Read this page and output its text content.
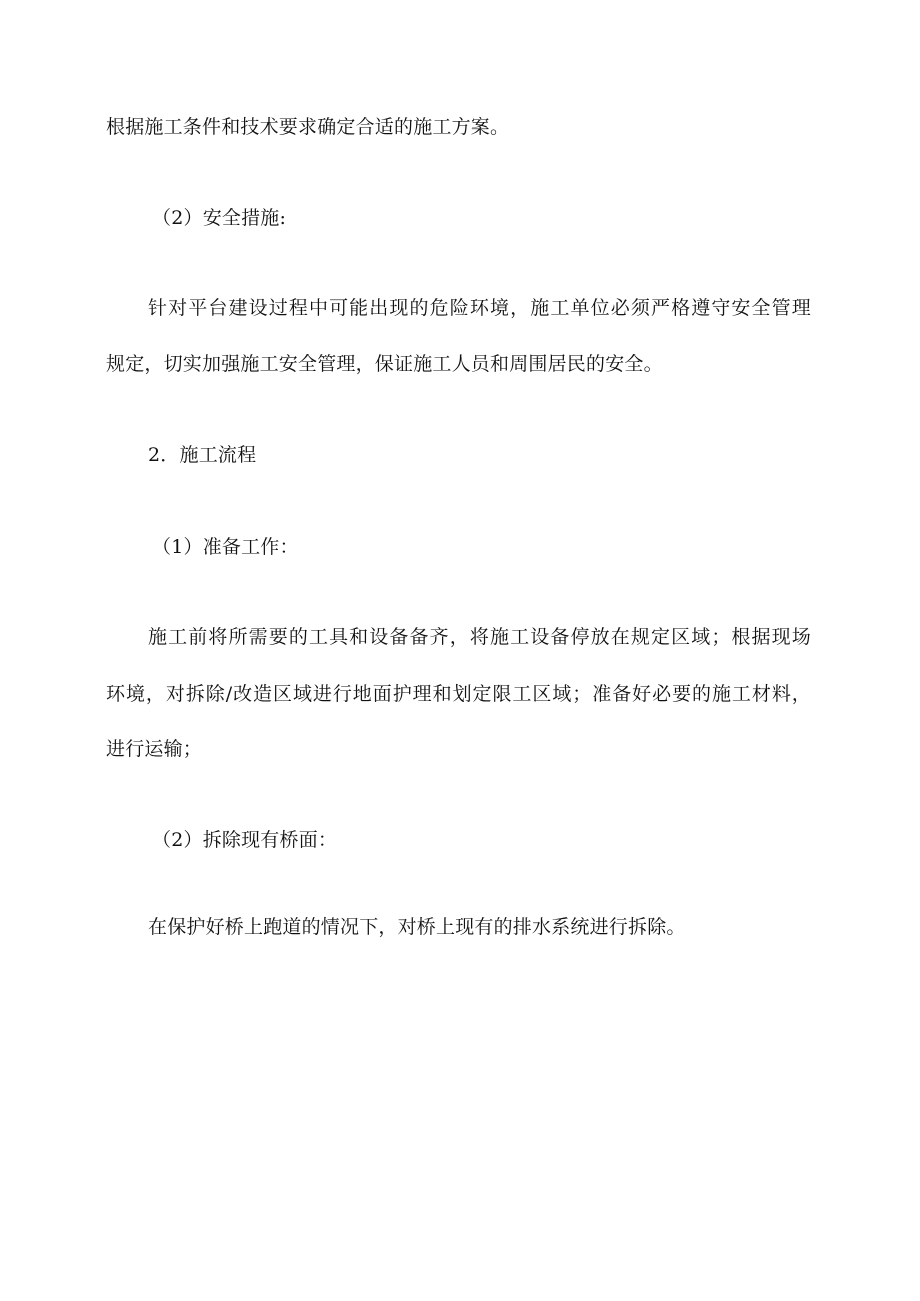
根据施工条件和技术要求确定合适的施工方案。
（2）安全措施:
针对平台建设过程中可能出现的危险环境，施工单位必须严格遵守安全管理
规定，切实加强施工安全管理，保证施工人员和周围居民的安全。
2．施工流程
（1）准备工作：
施工前将所需要的工具和设备备齐，将施工设备停放在规定区域；根据现场
环境，对拆除/改造区域进行地面护理和划定限工区域；准备好必要的施工材料，
进行运输；
（2）拆除现有桥面：
在保护好桥上跑道的情况下，对桥上现有的排水系统进行拆除。
